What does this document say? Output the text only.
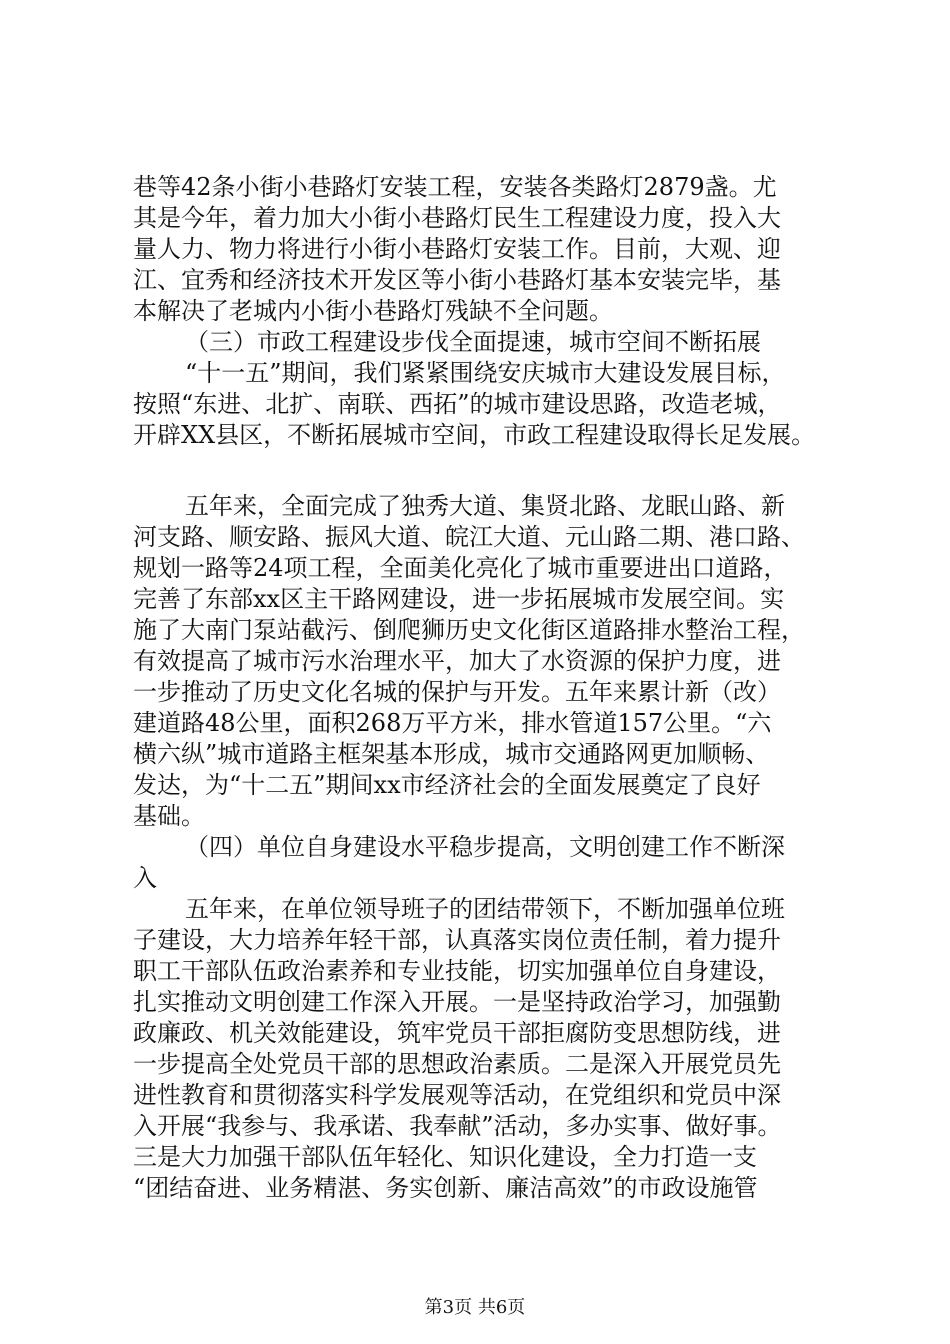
巷等42条小街小巷路灯安装工程，安装各类路灯2879盏。尤
其是今年，着力加大小街小巷路灯民生工程建设力度，投入大
量人力、物力将进行小街小巷路灯安装工作。目前，大观、迎
江、宜秀和经济技术开发区等小街小巷路灯基本安装完毕，基
本解决了老城内小街小巷路灯残缺不全问题。
（三）市政工程建设步伐全面提速，城市空间不断拓展
“十一五”期间，我们紧紧围绕安庆城市大建设发展目标，
按照“东进、北扩、南联、西拓”的城市建设思路，改造老城，
开辟XX县区，不断拓展城市空间，市政工程建设取得长足发展。
五年来，全面完成了独秀大道、集贤北路、龙眠山路、新
河支路、顺安路、振风大道、皖江大道、元山路二期、港口路、
规划一路等24项工程，全面美化亮化了城市重要进出口道路，
完善了东部xx区主干路网建设，进一步拓展城市发展空间。实
施了大南门泵站截污、倒爬狮历史文化街区道路排水整治工程，
有效提高了城市污水治理水平，加大了水资源的保护力度，进
一步推动了历史文化名城的保护与开发。五年来累计新（改）
建道路48公里，面积268万平方米，排水管道157公里。“六
横六纵”城市道路主框架基本形成，城市交通路网更加顺畅、
发达，为“十二五”期间xx市经济社会的全面发展奠定了良好
基础。
（四）单位自身建设水平稳步提高，文明创建工作不断深
入
五年来，在单位领导班子的团结带领下，不断加强单位班
子建设，大力培养年轻干部，认真落实岗位责任制，着力提升
职工干部队伍政治素养和专业技能，切实加强单位自身建设，
扎实推动文明创建工作深入开展。一是坚持政治学习，加强勤
政廉政、机关效能建设，筑牢党员干部拒腐防变思想防线，进
一步提高全处党员干部的思想政治素质。二是深入开展党员先
进性教育和贯彻落实科学发展观等活动，在党组织和党员中深
入开展“我参与、我承诺、我奉献”活动，多办实事、做好事。
三是大力加强干部队伍年轻化、知识化建设，全力打造一支
“团结奋进、业务精湛、务实创新、廉洁高效”的市政设施管
第3页 共6页
